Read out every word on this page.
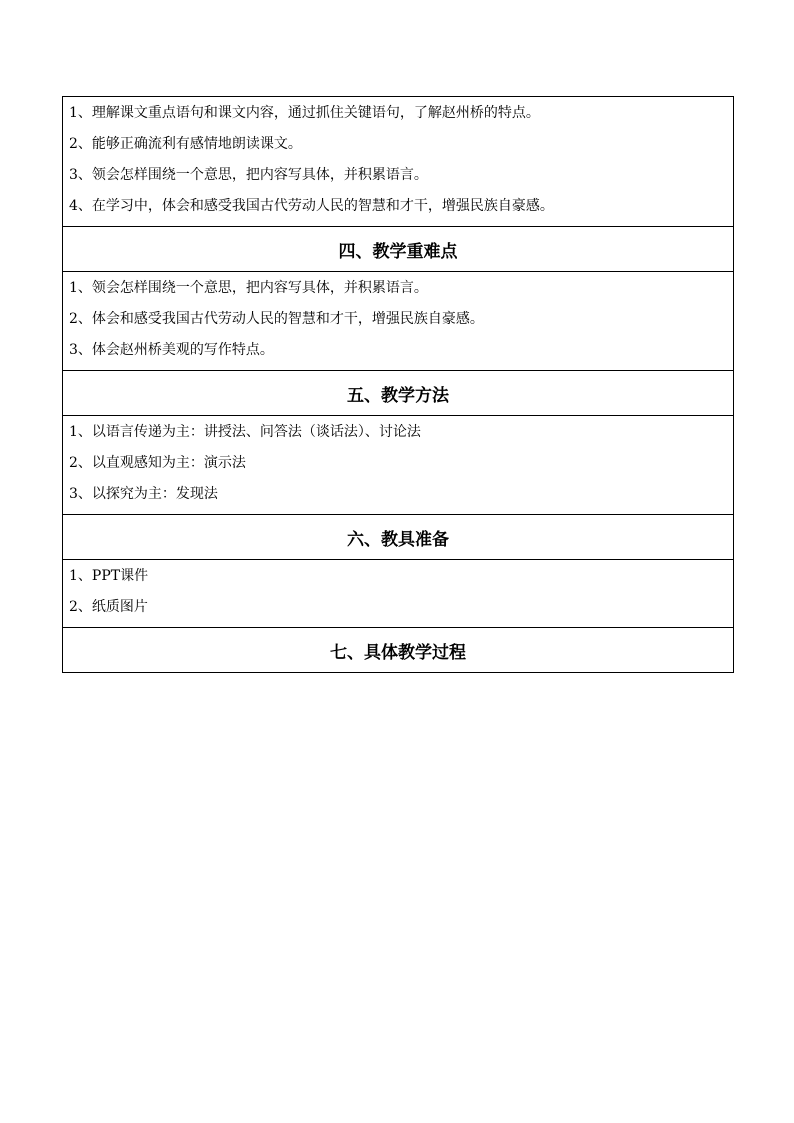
1、理解课文重点语句和课文内容，通过抓住关键语句，了解赵州桥的特点。
2、能够正确流利有感情地朗读课文。
3、领会怎样围绕一个意思，把内容写具体，并积累语言。
4、在学习中，体会和感受我国古代劳动人民的智慧和才干，增强民族自豪感。

四、教学重难点

1、领会怎样围绕一个意思，把内容写具体，并积累语言。
2、体会和感受我国古代劳动人民的智慧和才干，增强民族自豪感。
3、体会赵州桥美观的写作特点。

五、教学方法

1、以语言传递为主：讲授法、问答法（谈话法）、讨论法
2、以直观感知为主：演示法
3、以探究为主：发现法

六、教具准备

1、PPT课件
2、纸质图片

七、具体教学过程
